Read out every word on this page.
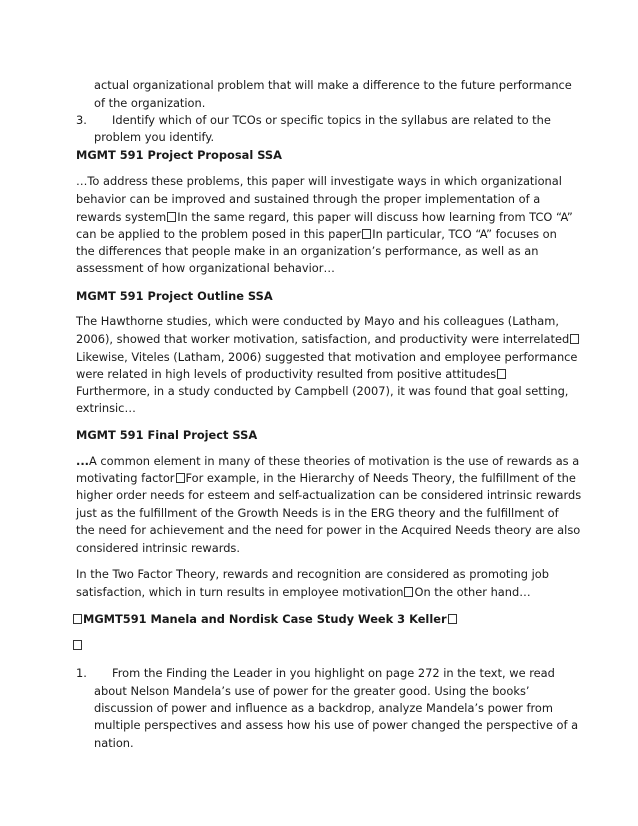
actual organizational problem that will make a difference to the future performance
of the organization.
3. Identify which of our TCOs or specific topics in the syllabus are related to the
problem you identify.
MGMT 591 Project Proposal SSA
…To address these problems, this paper will investigate ways in which organizational
behavior can be improved and sustained through the proper implementation of a
rewards system In the same regard, this paper will discuss how learning from TCO “A”
can be applied to the problem posed in this paper In particular, TCO “A” focuses on
the differences that people make in an organization’s performance, as well as an
assessment of how organizational behavior…
MGMT 591 Project Outline SSA
The Hawthorne studies, which were conducted by Mayo and his colleagues (Latham,
2006), showed that worker motivation, satisfaction, and productivity were interrelated
Likewise, Viteles (Latham, 2006) suggested that motivation and employee performance
were related in high levels of productivity resulted from positive attitudes
Furthermore, in a study conducted by Campbell (2007), it was found that goal setting,
extrinsic…
MGMT 591 Final Project SSA
...A common element in many of these theories of motivation is the use of rewards as a
motivating factor For example, in the Hierarchy of Needs Theory, the fulfillment of the
higher order needs for esteem and self-actualization can be considered intrinsic rewards
just as the fulfillment of the Growth Needs is in the ERG theory and the fulfillment of
the need for achievement and the need for power in the Acquired Needs theory are also
considered intrinsic rewards.
In the Two Factor Theory, rewards and recognition are considered as promoting job
satisfaction, which in turn results in employee motivation On the other hand…
MGMT591 Manela and Nordisk Case Study Week 3 Keller
1. From the Finding the Leader in you highlight on page 272 in the text, we read
about Nelson Mandela’s use of power for the greater good. Using the books’
discussion of power and influence as a backdrop, analyze Mandela’s power from
multiple perspectives and assess how his use of power changed the perspective of a
nation.
